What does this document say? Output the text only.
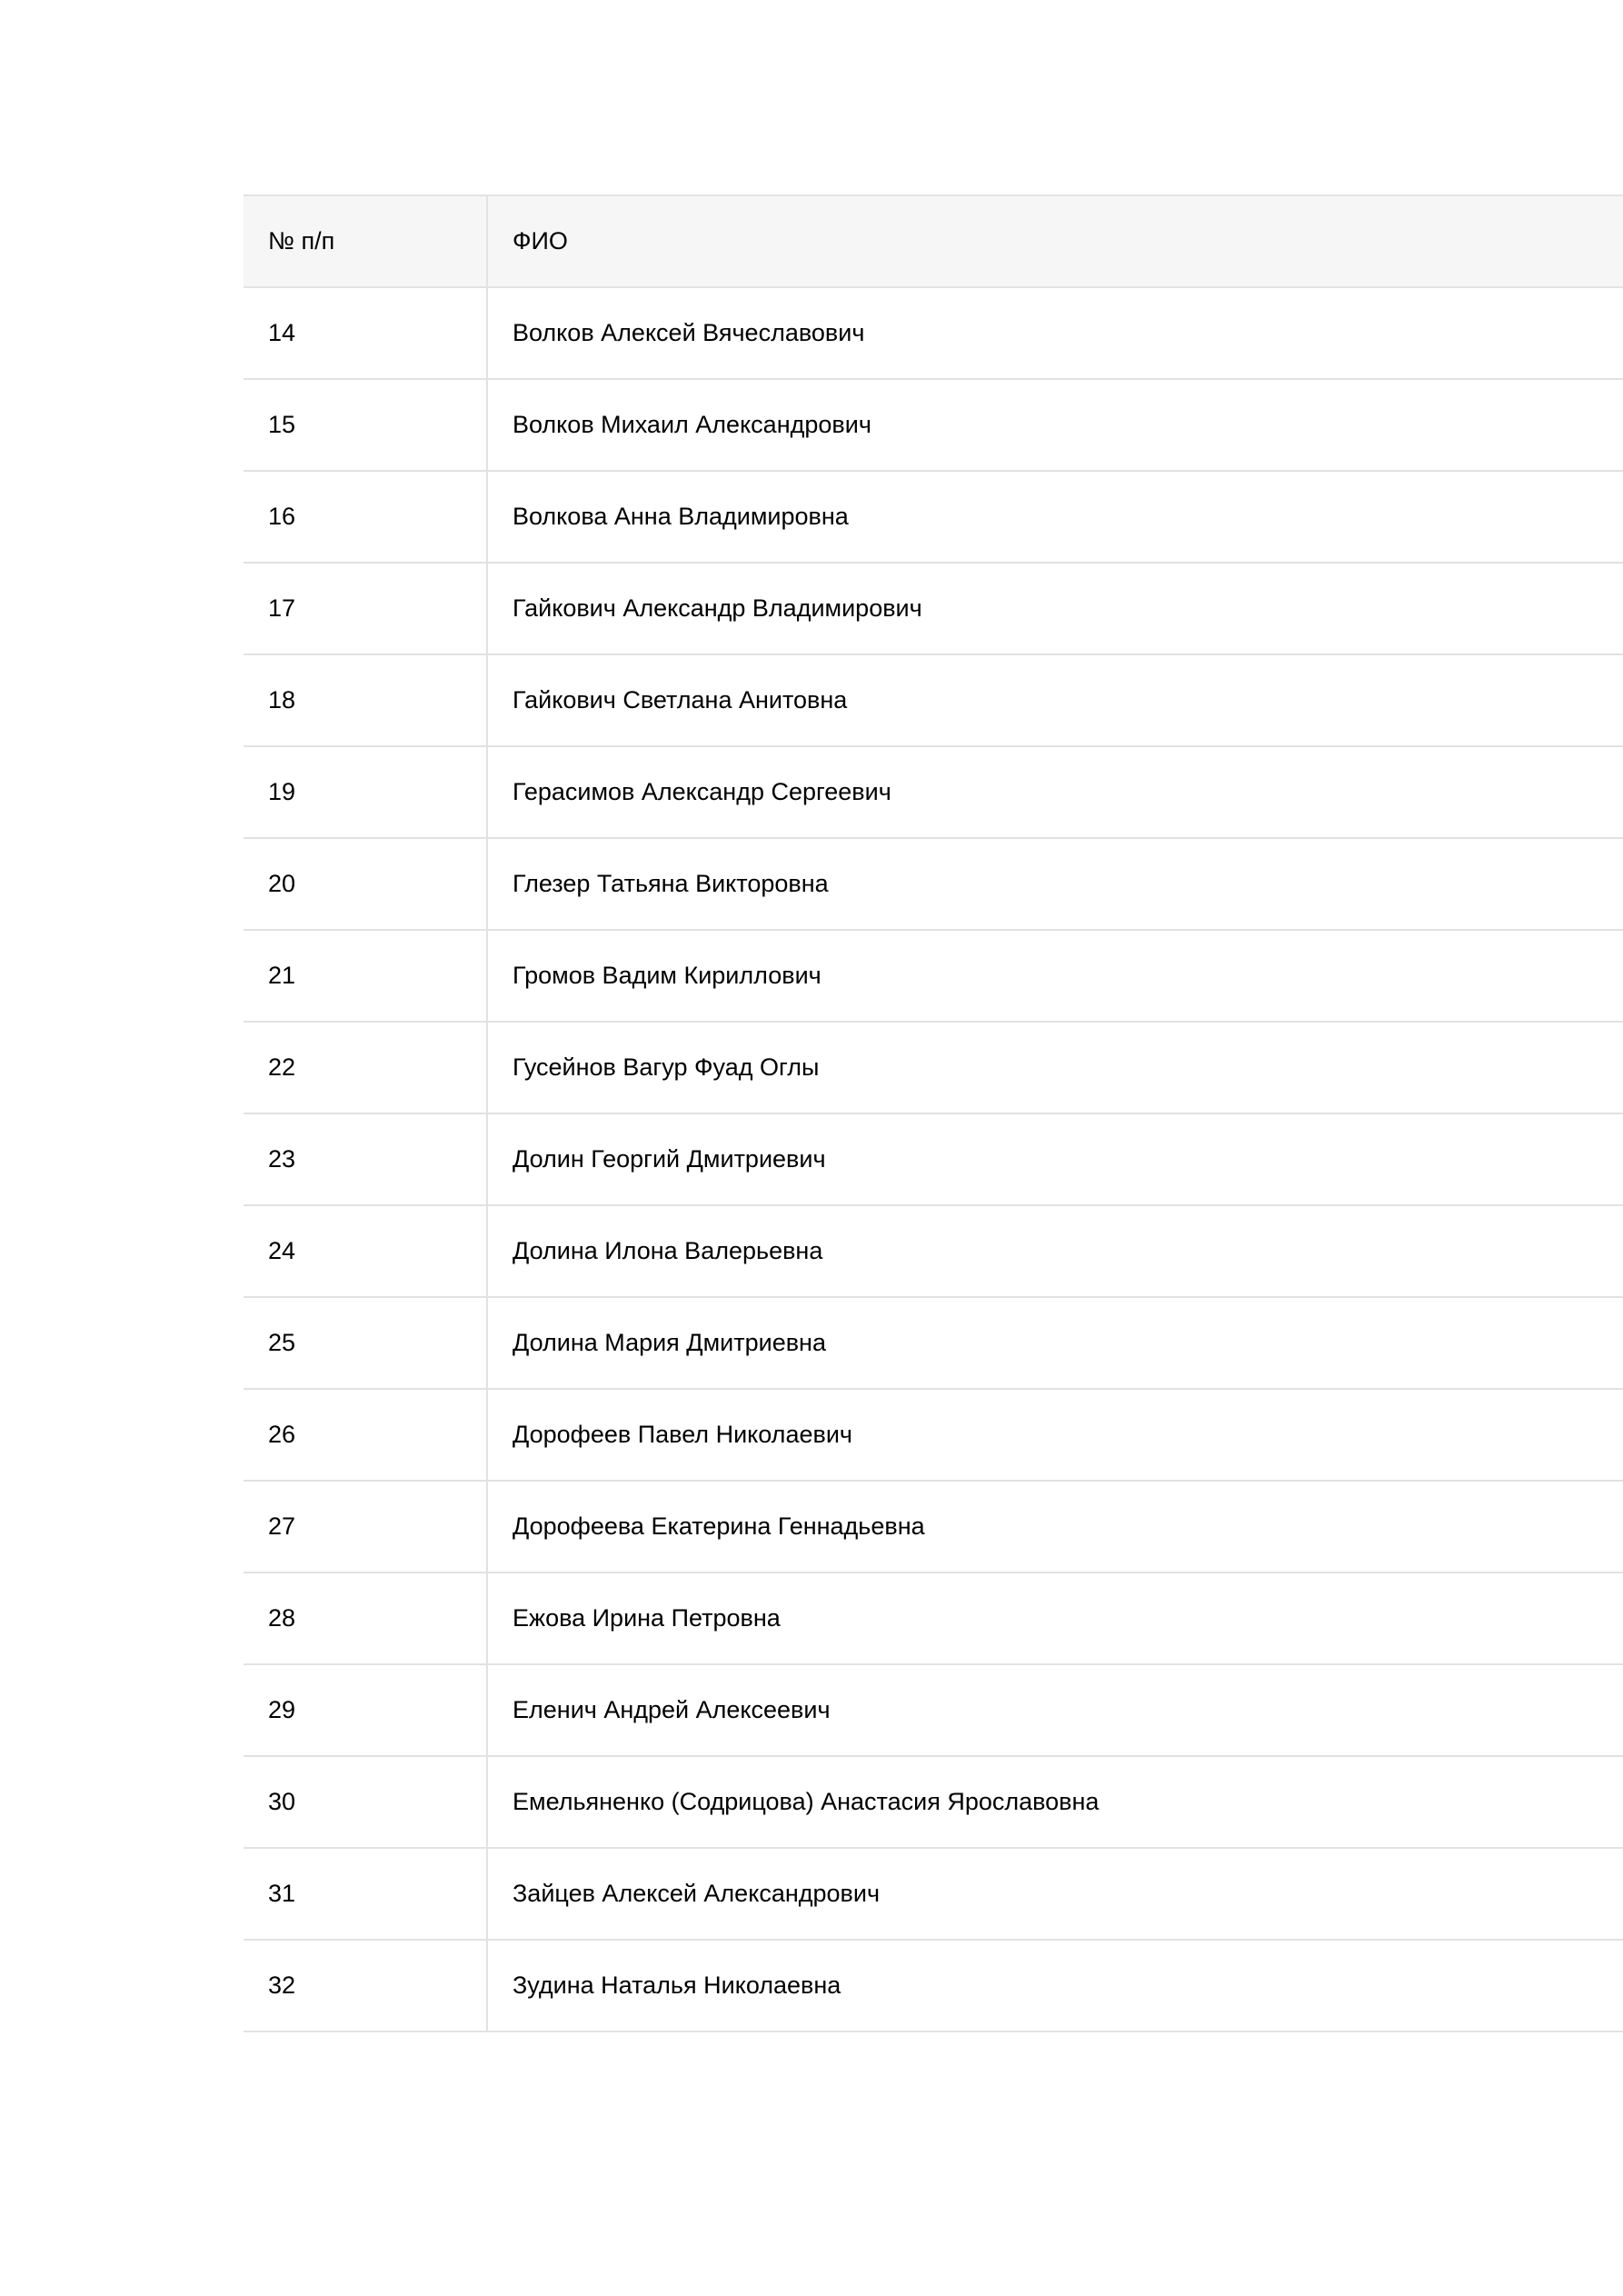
№ п/п	ФИО
14	Волков Алексей Вячеславович
15	Волков Михаил Александрович
16	Волкова Анна Владимировна
17	Гайкович Александр Владимирович
18	Гайкович Светлана Анитовна
19	Герасимов Александр Сергеевич
20	Глезер Татьяна Викторовна
21	Громов Вадим Кириллович
22	Гусейнов Вагур Фуад Оглы
23	Долин Георгий Дмитриевич
24	Долина Илона Валерьевна
25	Долина Мария Дмитриевна
26	Дорофеев Павел Николаевич
27	Дорофеева Екатерина Геннадьевна
28	Ежова Ирина Петровна
29	Еленич Андрей Алексеевич
30	Емельяненко (Содрицова) Анастасия Ярославовна
31	Зайцев Алексей Александрович
32	Зудина Наталья Николаевна
